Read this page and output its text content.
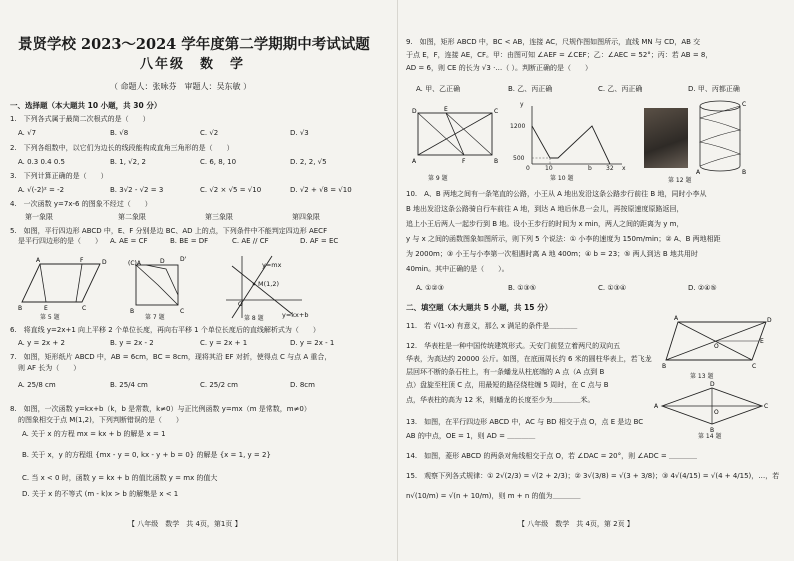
景贤学校 2023～2024 学年度第二学期期中考试试题
八年级　数　学
（ 命题人：张咏芬　审题人：吴东敏 ）
一、选择题（本大题共 10 小题，共 30 分）
1.　下列各式属于最简二次根式的是（　　）
A. √7	B. √8	C. √2	D. √3
2.　下列各组数中，以它们为边长的线段能构成直角三角形的是（　　）
A. 0.3 0.4 0.5	B. 1, √2, 2	C. 6, 8, 10	D. 2, 2, √5
3.　下列计算正确的是（　　）
A. √(-2)² = -2	B. 3√2 - √2 = 3	C. √2 × √5 = √10	D. √2 + √8 = √10
4.　一次函数 y=7x-6 的图象不经过（　　）
第一象限	第二象限	第三象限	第四象限
5.　如图，平行四边形 ABCD 中，E、F 分别是边 BC、AD 上的点，下列条件中不能判定四边形 AECF
是平行四边形的是（　　） A. AE = CF	B. BE = DF	C. AE // CF	D. AF = EC
A	F	D
B	E	C
第 5 题
(C)A
D'
B	C
D
第 7 题
O
y=mx
M(1,2)
y=kx+b
第 8 题
6.　将直线 y=2x+1 向上平移 2 个单位长度，再向右平移 1 个单位长度后的直线解析式为（　　）
A. y = 2x + 2	B. y = 2x - 2	C. y = 2x + 1	D. y = 2x - 1
7.　如图，矩形纸片 ABCD 中，AB = 6cm，BC = 8cm，现将其沿 EF 对折，使得点 C 与点 A 重合，
则 AF 长为（　　）
A. 25/8 cm	B. 25/4 cm	C. 25/2 cm	D. 8cm
8.　如图，一次函数 y=kx+b（k，b 是常数，k≠0）与正比例函数 y=mx（m 是常数，m≠0）
的图象相交于点 M(1,2)，下列判断错误的是（　　）
A. 关于 x 的方程 mx = kx + b 的解是 x = 1
B. 关于 x，y 的方程组 {mx - y = 0, kx - y + b = 0} 的解是 {x = 1, y = 2}
C. 当 x < 0 时，函数 y = kx + b 的值比函数 y = mx 的值大
D. 关于 x 的不等式 (m - k)x > b 的解集是 x < 1
【 八年级　数学　共 4页，第1页 】
9.　如图，矩形 ABCD 中，BC < AB，连接 AC，尺规作图如图所示，直线 MN 与 CD，AB 交
于点 E，F，连接 AE，CF。甲：由图可知 ∠AEF = ∠CEF；乙：∠AEC = 52°；丙：若 AB = 8，
AD = 6，则 CE 的长为 √3 ·…（ ）。判断正确的是（　　）
A. 甲、乙正确	B. 乙、丙正确	C. 乙、丙正确	D. 甲、丙都正确
D	E	C
A	F	B
第 9 题
y
1200
500
0	10	b 32 x
第 10 题
C
A	B
第 12 题
10.　A、B 两地之间有一条笔直的公路，小王从 A 地出发沿这条公路步行前往 B 地，同时小李从
B 地出发沿这条公路骑自行车前往 A 地，到达 A 地后休息一会儿，再按原速度原路返回，
追上小王后两人一起步行到 B 地。设小王步行的时间为 x min，两人之间的距离为 y m，
y 与 x 之间的函数图象如图所示，则下列 5 个说法：① 小李的速度为 150m/min；② A、B 两地相距
为 2000m；③ 小王与小李第一次相遇时离 A 地 400m；④ b = 23；⑤ 两人到达 B 地共用时
40min。其中正确的是（　　）。
A. ①②③	B. ①③⑤	C. ①③④	D. ②④⑤
二、填空题（本大题共 5 小题，共 15 分）
11.　若 √(1-x) 有意义，那么 x 满足的条件是＿＿＿＿
12.　华表柱是一种中国传统建筑形式。天安门前竖立着两尺的双向五
华表，为高达约 20000 公斤。如图，在底面周长约 6 米的圆柱华表上，若飞龙
层回环不断的条石柱上，有一条蟠龙从柱底端的 A 点（A 点到 B
点）盘旋至柱顶 C 点，用最短的路径绕柱缠 5 周时，在 C 点与 B
点，华表柱的高为 12 米，则蟠龙的长度至少为＿＿＿＿米。
A	D
B	C
O
E
第 13 题
A
D
C
B
O
第 14 题
13.　如图，在平行四边形 ABCD 中，AC 与 BD 相交于点 O，点 E 是边 BC
AB 的中点，OE = 1，则 AD = ＿＿＿＿
14.　如图，菱形 ABCD 的两条对角线相交于点 O，若 ∠DAC = 20°，则 ∠ADC = ＿＿＿＿
15.　观察下列各式规律：① 2√(2/3) = √(2 + 2/3)；② 3√(3/8) = √(3 + 3/8)；③ 4√(4/15) = √(4 + 4/15)，…，若
n√(10/m) = √(n + 10/m)，则 m + n 的值为＿＿＿＿
【 八年级　数学　共 4页，第 2页 】
